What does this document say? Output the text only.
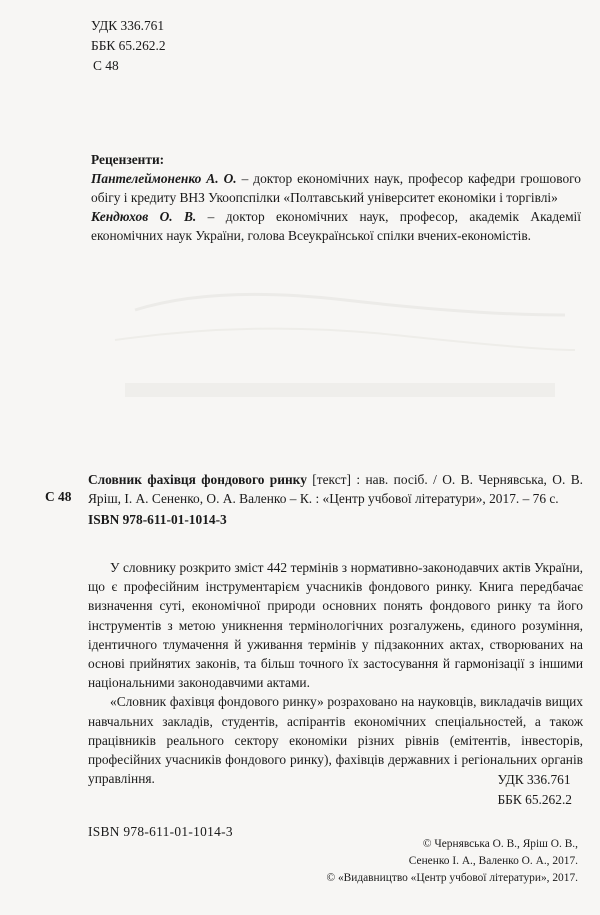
УДК 336.761
ББК 65.262.2
С 48
Рецензенти:

Пантелеймоненко А. О. – доктор економічних наук, професор кафедри грошового обігу і кредиту ВНЗ Укоопспілки «Полтавський університет економіки і торгівлі»

Кендюхов О. В. – доктор економічних наук, професор, академік Академії економічних наук України, голова Всеукраїнської спілки вчених-економістів.

С 48
Словник фахівця фондового ринку [текст] : нав. посіб. / О. В. Чернявська, О. В. Яріш, І. А. Сененко, О. А. Валенко – К. : «Центр учбової літератури», 2017. – 76 с.
ISBN 978-611-01-1014-3

У словнику розкрито зміст 442 термінів з нормативно-законодавчих актів України, що є професійним інструментарієм учасників фондового ринку. Книга передбачає визначення суті, економічної природи основних понять фондового ринку та його інструментів з метою уникнення термінологічних розгалужень, єдиного розуміння, ідентичного тлумачення й уживання термінів у підзаконних актах, створюваних на основі прийнятих законів, та більш точного їх застосування й гармонізації з іншими національними законодавчими актами.

«Словник фахівця фондового ринку» розраховано на науковців, викладачів вищих навчальних закладів, студентів, аспірантів економічних спеціальностей, а також працівників реального сектору економіки різних рівнів (емітентів, інвесторів, професійних учасників фондового ринку), фахівців державних і регіональних органів управління.	УДК 336.761
ББК 65.262.2
ISBN 978-611-01-1014-3
© Чернявська О. В., Яріш О. В.,
Сененко І. А., Валенко О. А., 2017.
© «Видавництво «Центр учбової літератури», 2017.
